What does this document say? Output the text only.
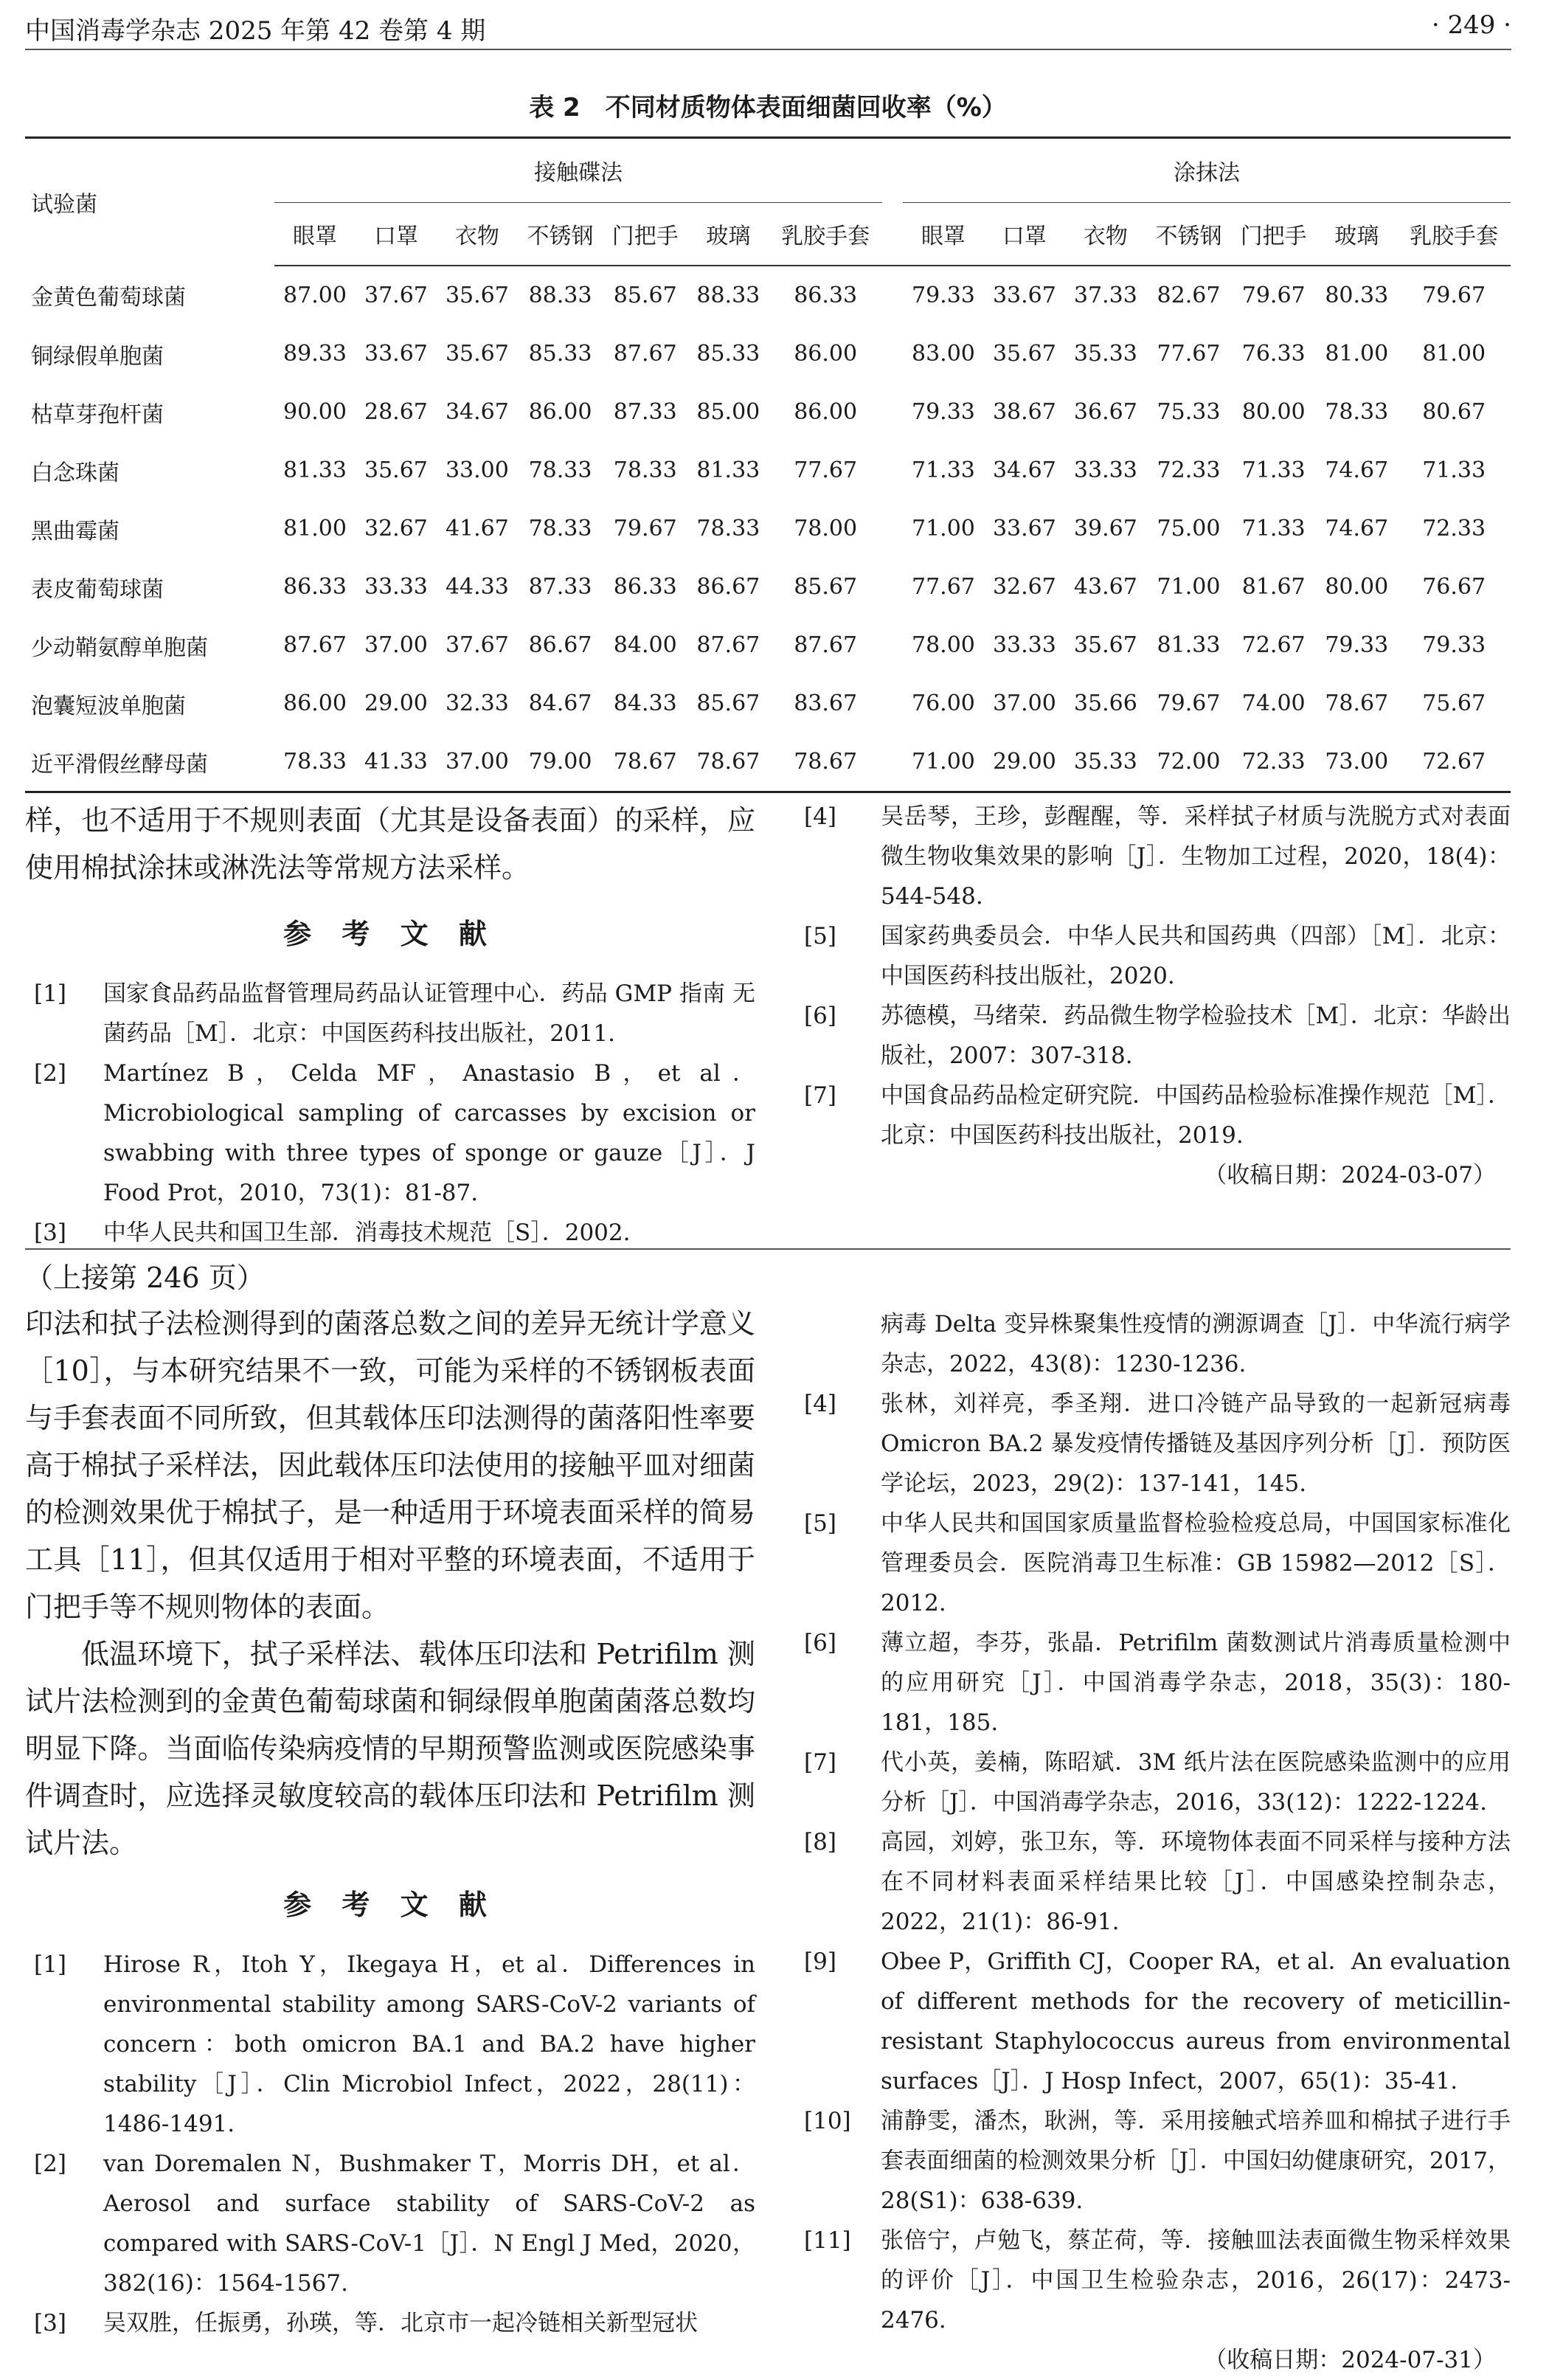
中国消毒学杂志 2025 年第 42 卷第 4 期	· 249 ·
表 2　不同材质物体表面细菌回收率（%）
试验菌	接触碟法								涂抹法						

	眼罩	口罩	衣物	不锈钢	门把手	玻璃	乳胶手套		眼罩	口罩	衣物	不锈钢	门把手	玻璃	乳胶手套
金黄色葡萄球菌	87.00	37.67	35.67	88.33	85.67	88.33	86.33		79.33	33.67	37.33	82.67	79.67	80.33	79.67
铜绿假单胞菌	89.33	33.67	35.67	85.33	87.67	85.33	86.00		83.00	35.67	35.33	77.67	76.33	81.00	81.00
枯草芽孢杆菌	90.00	28.67	34.67	86.00	87.33	85.00	86.00		79.33	38.67	36.67	75.33	80.00	78.33	80.67
白念珠菌	81.33	35.67	33.00	78.33	78.33	81.33	77.67		71.33	34.67	33.33	72.33	71.33	74.67	71.33
黑曲霉菌	81.00	32.67	41.67	78.33	79.67	78.33	78.00		71.00	33.67	39.67	75.00	71.33	74.67	72.33
表皮葡萄球菌	86.33	33.33	44.33	87.33	86.33	86.67	85.67		77.67	32.67	43.67	71.00	81.67	80.00	76.67
少动鞘氨醇单胞菌	87.67	37.00	37.67	86.67	84.00	87.67	87.67		78.00	33.33	35.67	81.33	72.67	79.33	79.33
泡囊短波单胞菌	86.00	29.00	32.33	84.67	84.33	85.67	83.67		76.00	37.00	35.66	79.67	74.00	78.67	75.67
近平滑假丝酵母菌	78.33	41.33	37.00	79.00	78.67	78.67	78.67		71.00	29.00	35.33	72.00	72.33	73.00	72.67
样，也不适用于不规则表面（尤其是设备表面）的采样，应使用棉拭涂抹或淋洗法等常规方法采样。
参 考 文 献
[1] 国家食品药品监督管理局药品认证管理中心．药品 GMP 指南 无菌药品［M］．北京：中国医药科技出版社，2011.
[2] Martínez B，Celda MF，Anastasio B，et al．Microbiological sampling of carcasses by excision or swabbing with three types of sponge or gauze［J］．J Food Prot，2010，73(1)：81-87.
[3] 中华人民共和国卫生部．消毒技术规范［S］．2002.
[4] 吴岳琴，王珍，彭醒醒，等．采样拭子材质与洗脱方式对表面微生物收集效果的影响［J］．生物加工过程，2020，18(4)：544-548.
[5] 国家药典委员会．中华人民共和国药典（四部）［M］．北京：中国医药科技出版社，2020.
[6] 苏德模，马绪荣．药品微生物学检验技术［M］．北京：华龄出版社，2007：307-318.
[7] 中国食品药品检定研究院．中国药品检验标准操作规范［M］．北京：中国医药科技出版社，2019.
（收稿日期：2024-03-07）
（上接第 246 页）
印法和拭子法检测得到的菌落总数之间的差异无统计学意义［10］，与本研究结果不一致，可能为采样的不锈钢板表面与手套表面不同所致，但其载体压印法测得的菌落阳性率要高于棉拭子采样法，因此载体压印法使用的接触平皿对细菌的检测效果优于棉拭子，是一种适用于环境表面采样的简易工具［11］，但其仅适用于相对平整的环境表面，不适用于门把手等不规则物体的表面。
低温环境下，拭子采样法、载体压印法和 Petrifilm 测试片法检测到的金黄色葡萄球菌和铜绿假单胞菌菌落总数均明显下降。当面临传染病疫情的早期预警监测或医院感染事件调查时，应选择灵敏度较高的载体压印法和 Petrifilm 测试片法。
参 考 文 献
[1] Hirose R，Itoh Y，Ikegaya H，et al．Differences in environmental stability among SARS-CoV-2 variants of concern：both omicron BA.1 and BA.2 have higher stability［J］．Clin Microbiol Infect，2022，28(11)：1486-1491.
[2] van Doremalen N，Bushmaker T，Morris DH，et al．Aerosol and surface stability of SARS-CoV-2 as compared with SARS-CoV-1［J］．N Engl J Med，2020，382(16)：1564-1567.
[3] 吴双胜，任振勇，孙瑛，等．北京市一起冷链相关新型冠状
病毒 Delta 变异株聚集性疫情的溯源调查［J］．中华流行病学杂志，2022，43(8)：1230-1236.
[4] 张林，刘祥亮，季圣翔．进口冷链产品导致的一起新冠病毒 Omicron BA.2 暴发疫情传播链及基因序列分析［J］．预防医学论坛，2023，29(2)：137-141，145.
[5] 中华人民共和国国家质量监督检验检疫总局，中国国家标准化管理委员会．医院消毒卫生标准：GB 15982—2012［S］．2012.
[6] 薄立超，李芬，张晶．Petrifilm 菌数测试片消毒质量检测中的应用研究［J］．中国消毒学杂志，2018，35(3)：180-181，185.
[7] 代小英，姜楠，陈昭斌．3M 纸片法在医院感染监测中的应用分析［J］．中国消毒学杂志，2016，33(12)：1222-1224.
[8] 高园，刘婷，张卫东，等．环境物体表面不同采样与接种方法在不同材料表面采样结果比较［J］．中国感染控制杂志，2022，21(1)：86-91.
[9] Obee P，Griffith CJ，Cooper RA，et al．An evaluation of different methods for the recovery of meticillin-resistant Staphylococcus aureus from environmental surfaces［J］．J Hosp Infect，2007，65(1)：35-41.
[10] 浦静雯，潘杰，耿洲，等．采用接触式培养皿和棉拭子进行手套表面细菌的检测效果分析［J］．中国妇幼健康研究，2017，28(S1)：638-639.
[11] 张倍宁，卢勉飞，蔡芷荷，等．接触皿法表面微生物采样效果的评价［J］．中国卫生检验杂志，2016，26(17)：2473-2476.
（收稿日期：2024-07-31）
